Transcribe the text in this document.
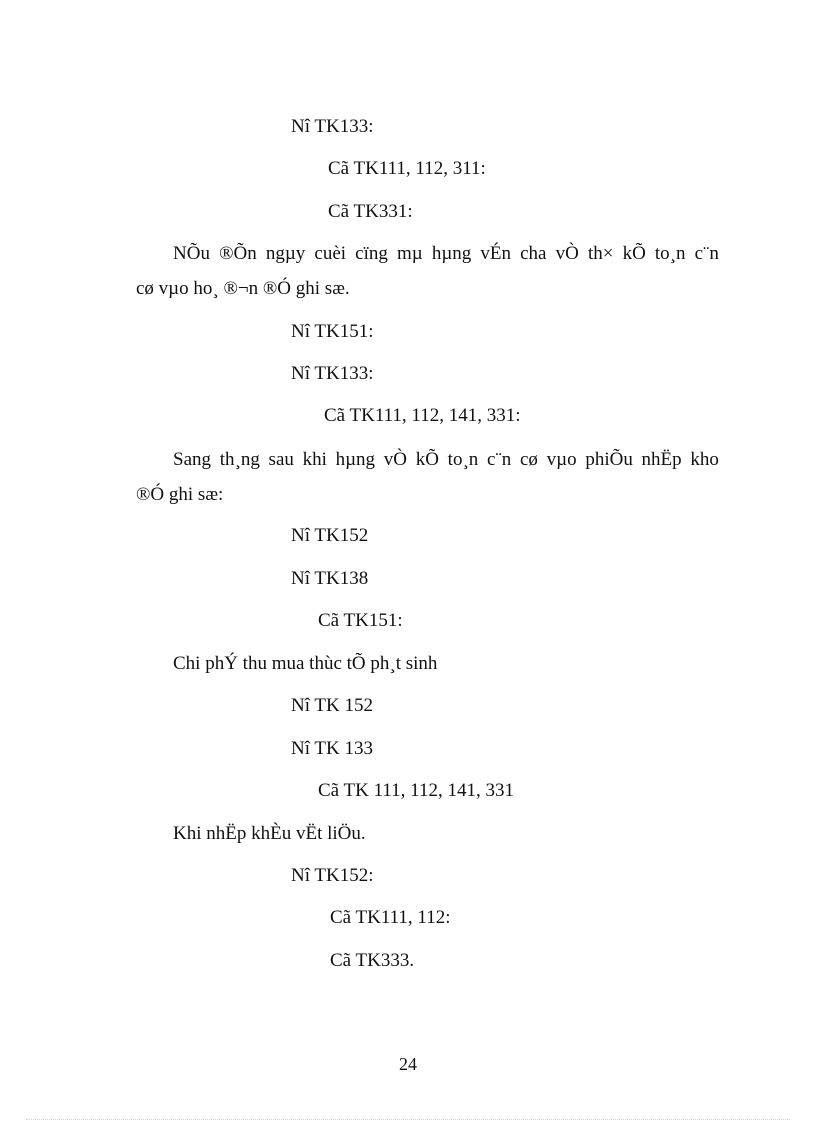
Nî TK133:
Cã TK111, 112, 311:
Cã TK331:
NÕu ®Õn ngµy cuèi cïng mµ hµng vÉn cha vÒ th× kÕ to¸n c¨n
cø vµo ho¸ ®¬n ®Ó ghi sæ.
Nî TK151:
Nî TK133:
Cã TK111, 112, 141, 331:
Sang th¸ng sau khi hµng vÒ kÕ to¸n c¨n cø vµo phiÕu nhËp kho
®Ó ghi sæ:
Nî TK152
Nî TK138
Cã TK151:
Chi phÝ thu mua thùc tÕ ph¸t sinh
Nî TK 152
Nî TK 133
Cã TK 111, 112, 141, 331
Khi nhËp khÈu vËt liÖu.
Nî TK152:
Cã TK111, 112:
Cã TK333.
24
